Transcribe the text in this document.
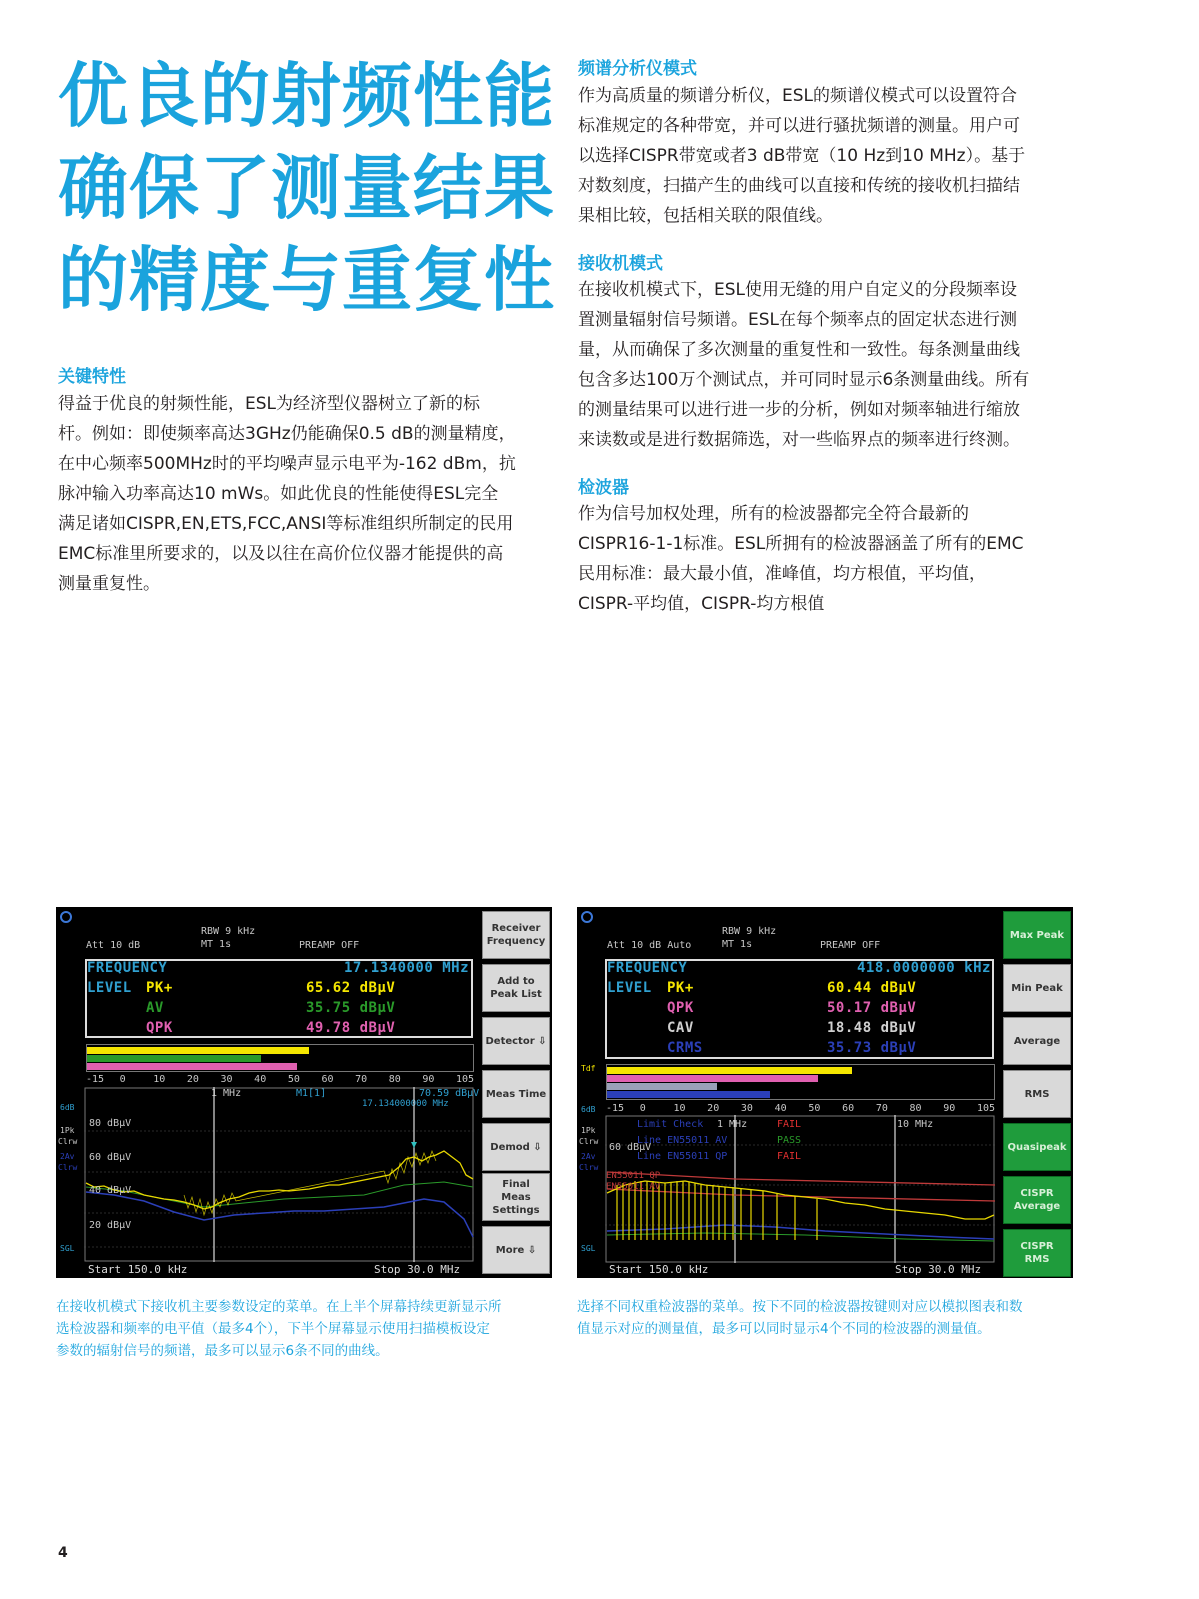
优良的射频性能
确保了测量结果
的精度与重复性
关键特性
得益于优良的射频性能，ESL为经济型仪器树立了新的标
杆。例如：即使频率高达3GHz仍能确保0.5 dB的测量精度，
在中心频率500MHz时的平均噪声显示电平为-162 dBm，抗
脉冲输入功率高达10 mWs。如此优良的性能使得ESL完全
满足诸如CISPR,EN,ETS,FCC,ANSI等标准组织所制定的民用
EMC标准里所要求的，以及以往在高价位仪器才能提供的高
测量重复性。
频谱分析仪模式
作为高质量的频谱分析仪，ESL的频谱仪模式可以设置符合
标准规定的各种带宽，并可以进行骚扰频谱的测量。用户可
以选择CISPR带宽或者3 dB带宽（10 Hz到10 MHz）。基于
对数刻度，扫描产生的曲线可以直接和传统的接收机扫描结
果相比较，包括相关联的限值线。
接收机模式
在接收机模式下，ESL使用无缝的用户自定义的分段频率设
置测量辐射信号频谱。ESL在每个频率点的固定状态进行测
量，从而确保了多次测量的重复性和一致性。每条测量曲线
包含多达100万个测试点，并可同时显示6条测量曲线。所有
的测量结果可以进行进一步的分析，例如对频率轴进行缩放
来读数或是进行数据筛选，对一些临界点的频率进行终测。
检波器
作为信号加权处理，所有的检波器都完全符合最新的
CISPR16-1-1标准。ESL所拥有的检波器涵盖了所有的EMC
民用标准：最大最小值，准峰值，均方根值，平均值，
CISPR-平均值，CISPR-均方根值
RBW 9 kHz
MT 1s
Att 10 dB	PREAMP OFF
FREQUENCY	17.1340000 MHz
LEVEL PK+	65.62 dBµV
AV	35.75 dBµV
QPK	49.78 dBµV
-15 0	10 20 30 40 50 60 70 80 90 105
1 MHz	M1[1]	70.59 dBµV
17.134000000 MHz
80 dBµV
60 dBµV
40 dBµV
20 dBµV
6dB
1Pk
Clrw
2Av
Clrw
SGL
Start 150.0 kHz	Stop 30.0 MHz
Receiver
Frequency
Add to
Peak List
Detector ⇩
Meas Time
Demod ⇩
Final
Meas
Settings
More ⇩
RBW 9 kHz
MT 1s
Att 10 dB Auto	PREAMP OFF
FREQUENCY	418.0000000 kHz
LEVEL PK+	60.44 dBµV
QPK	50.17 dBµV
CAV	18.48 dBµV
CRMS	35.73 dBµV
-15 0	10 20 30 40 50 60 70 80 90 105
Limit Check	FAIL
Line EN55011 AV	PASS
Line EN55011 QP	FAIL
1 MHz	10 MHz
60 dBµV
EN55011 QP
EN55011 AV
Tdf
6dB
1Pk
Clrw
2Av
Clrw
SGL
Start 150.0 kHz	Stop 30.0 MHz
Max Peak
Min Peak
Average
RMS
Quasipeak
CISPR
Average
CISPR
RMS
在接收机模式下接收机主要参数设定的菜单。在上半个屏幕持续更新显示所
选检波器和频率的电平值（最多4个），下半个屏幕显示使用扫描模板设定
参数的辐射信号的频谱，最多可以显示6条不同的曲线。
选择不同权重检波器的菜单。按下不同的检波器按键则对应以模拟图表和数
值显示对应的测量值，最多可以同时显示4个不同的检波器的测量值。
4
